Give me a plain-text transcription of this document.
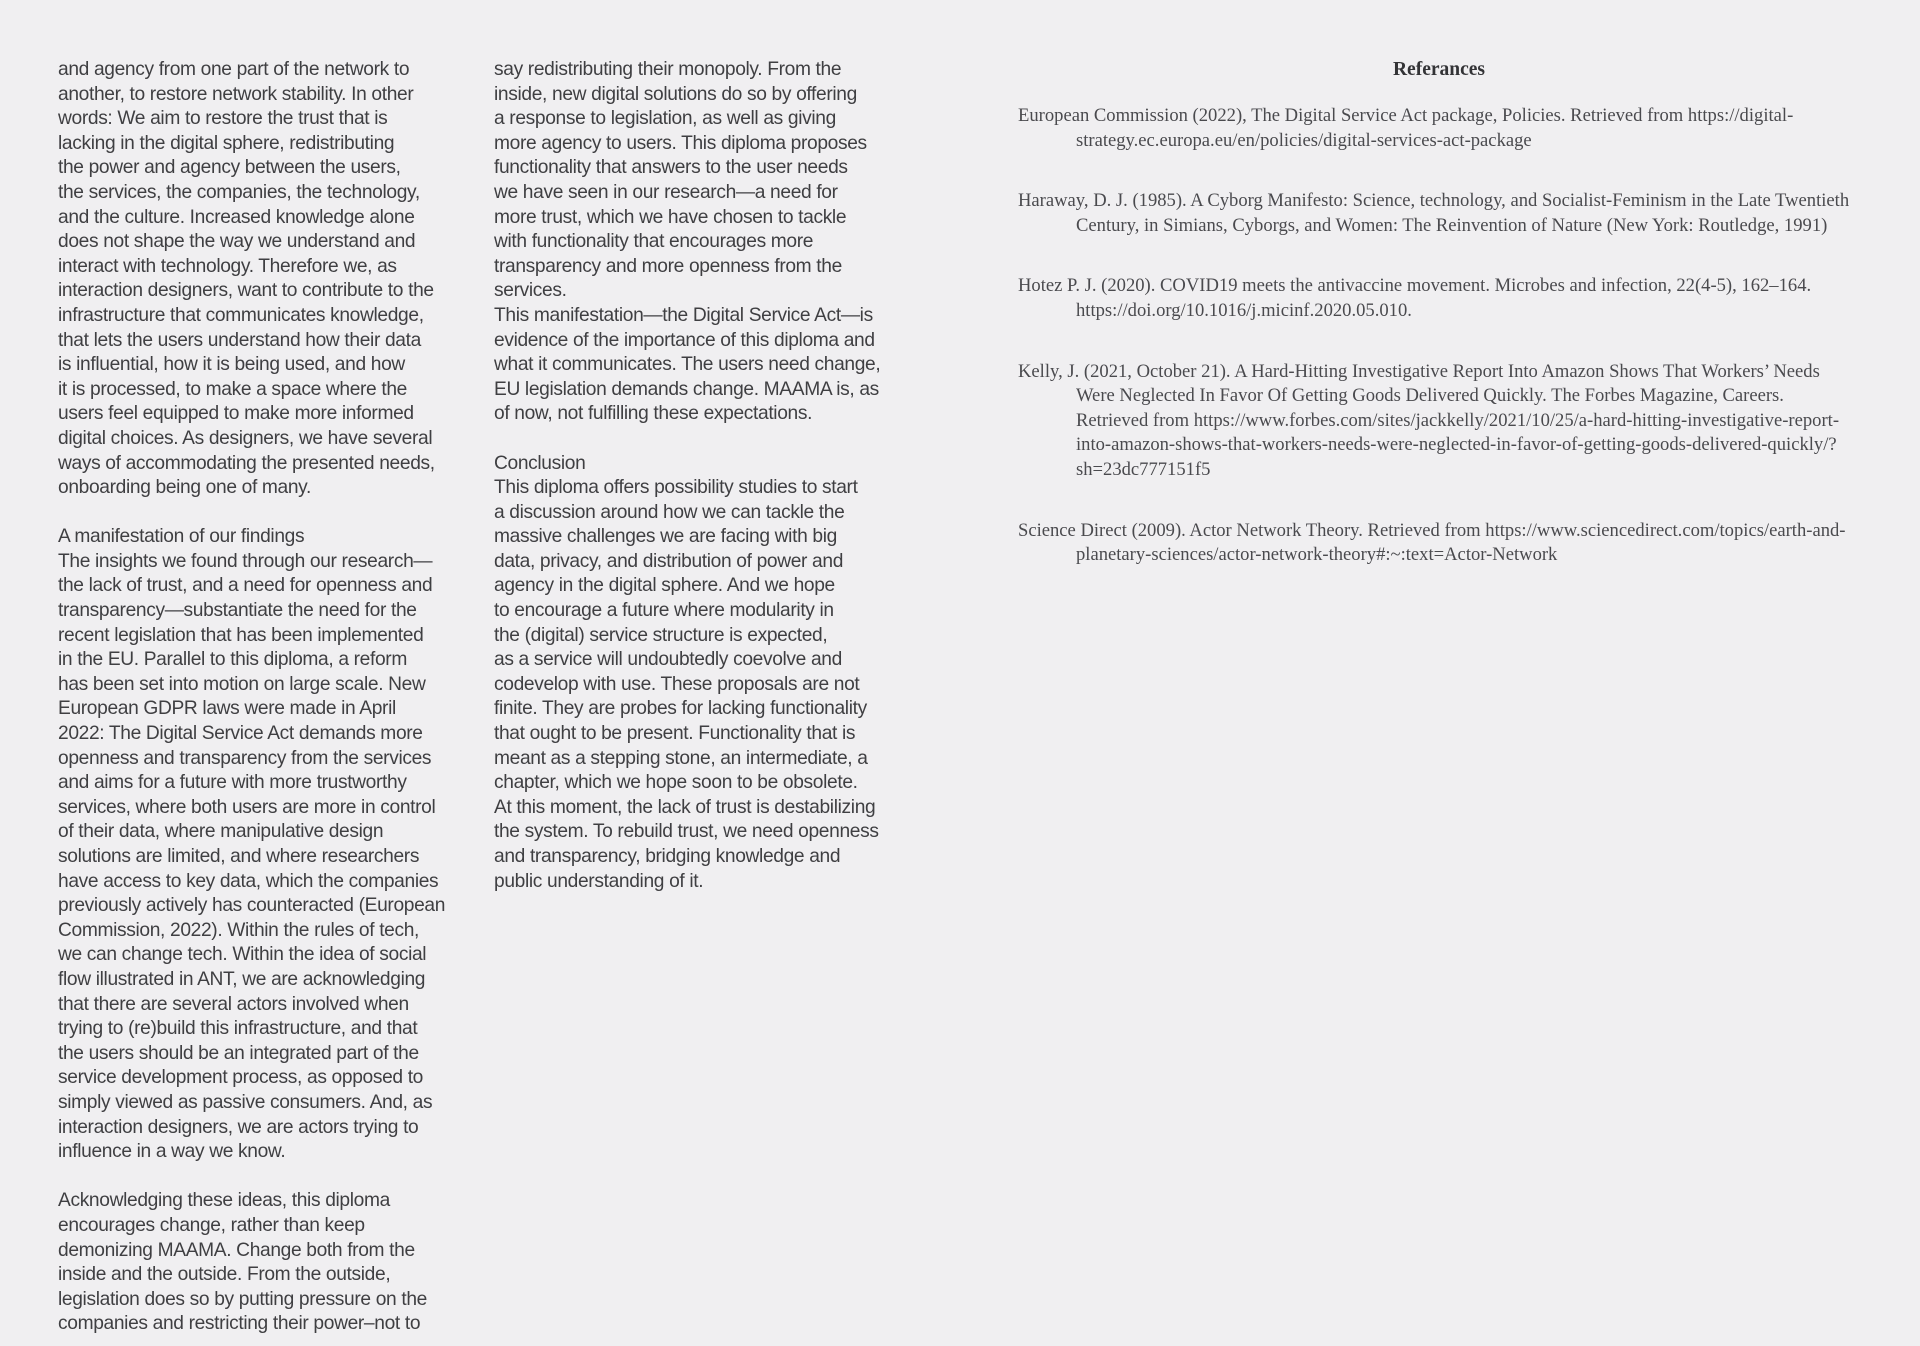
and agency from one part of the network to
another, to restore network stability. In other
words: We aim to restore the trust that is
lacking in the digital sphere, redistributing
the power and agency between the users,
the services, the companies, the technology,
and the culture. Increased knowledge alone
does not shape the way we understand and
interact with technology. Therefore we, as
interaction designers, want to contribute to the
infrastructure that communicates knowledge,
that lets the users understand how their data
is influential, how it is being used, and how
it is processed, to make a space where the
users feel equipped to make more informed
digital choices. As designers, we have several
ways of accommodating the presented needs,
onboarding being one of many.

A manifestation of our findings

The insights we found through our research—
the lack of trust, and a need for openness and
transparency—substantiate the need for the
recent legislation that has been implemented
in the EU. Parallel to this diploma, a reform
has been set into motion on large scale. New
European GDPR laws were made in April
2022: The Digital Service Act demands more
openness and transparency from the services
and aims for a future with more trustworthy
services, where both users are more in control
of their data, where manipulative design
solutions are limited, and where researchers
have access to key data, which the companies
previously actively has counteracted (European
Commission, 2022). Within the rules of tech,
we can change tech. Within the idea of social
flow illustrated in ANT, we are acknowledging
that there are several actors involved when
trying to (re)build this infrastructure, and that
the users should be an integrated part of the
service development process, as opposed to
simply viewed as passive consumers. And, as
interaction designers, we are actors trying to
influence in a way we know.

Acknowledging these ideas, this diploma
encourages change, rather than keep
demonizing MAAMA. Change both from the
inside and the outside. From the outside,
legislation does so by putting pressure on the
companies and restricting their power–not to

say redistributing their monopoly. From the
inside, new digital solutions do so by offering
a response to legislation, as well as giving
more agency to users. This diploma proposes
functionality that answers to the user needs
we have seen in our research—a need for
more trust, which we have chosen to tackle
with functionality that encourages more
transparency and more openness from the
services.

This manifestation—the Digital Service Act—is
evidence of the importance of this diploma and
what it communicates. The users need change,
EU legislation demands change. MAAMA is, as
of now, not fulfilling these expectations.

Conclusion

This diploma offers possibility studies to start
a discussion around how we can tackle the
massive challenges we are facing with big
data, privacy, and distribution of power and
agency in the digital sphere. And we hope
to encourage a future where modularity in
the (digital) service structure is expected,
as a service will undoubtedly coevolve and
codevelop with use. These proposals are not
finite. They are probes for lacking functionality
that ought to be present. Functionality that is
meant as a stepping stone, an intermediate, a
chapter, which we hope soon to be obsolete.
At this moment, the lack of trust is destabilizing
the system. To rebuild trust, we need openness
and transparency, bridging knowledge and
public understanding of it.

Referances

European Commission (2022), The Digital Service Act package, Policies. Retrieved from https://digital-strategy.ec.europa.eu/en/policies/digital-services-act-package

Haraway, D. J. (1985). A Cyborg Manifesto: Science, technology, and Socialist-Feminism in the Late Twentieth Century, in Simians, Cyborgs, and Women: The Reinvention of Nature (New York: Routledge, 1991)

Hotez P. J. (2020). COVID19 meets the antivaccine movement. Microbes and infection, 22(4-5), 162–164. https://doi.org/10.1016/j.micinf.2020.05.010.

Kelly, J. (2021, October 21). A Hard-Hitting Investigative Report Into Amazon Shows That Workers’ Needs Were Neglected In Favor Of Getting Goods Delivered Quickly. The Forbes Magazine, Careers. Retrieved from https://www.forbes.com/sites/jackkelly/2021/10/25/a-hard-hitting-investigative-report-into-amazon-shows-that-workers-needs-were-neglected-in-favor-of-getting-goods-delivered-quickly/?sh=23dc777151f5

Science Direct (2009). Actor Network Theory. Retrieved from https://www.sciencedirect.com/topics/earth-and-planetary-sciences/actor-network-theory#:~:text=Actor-Network
